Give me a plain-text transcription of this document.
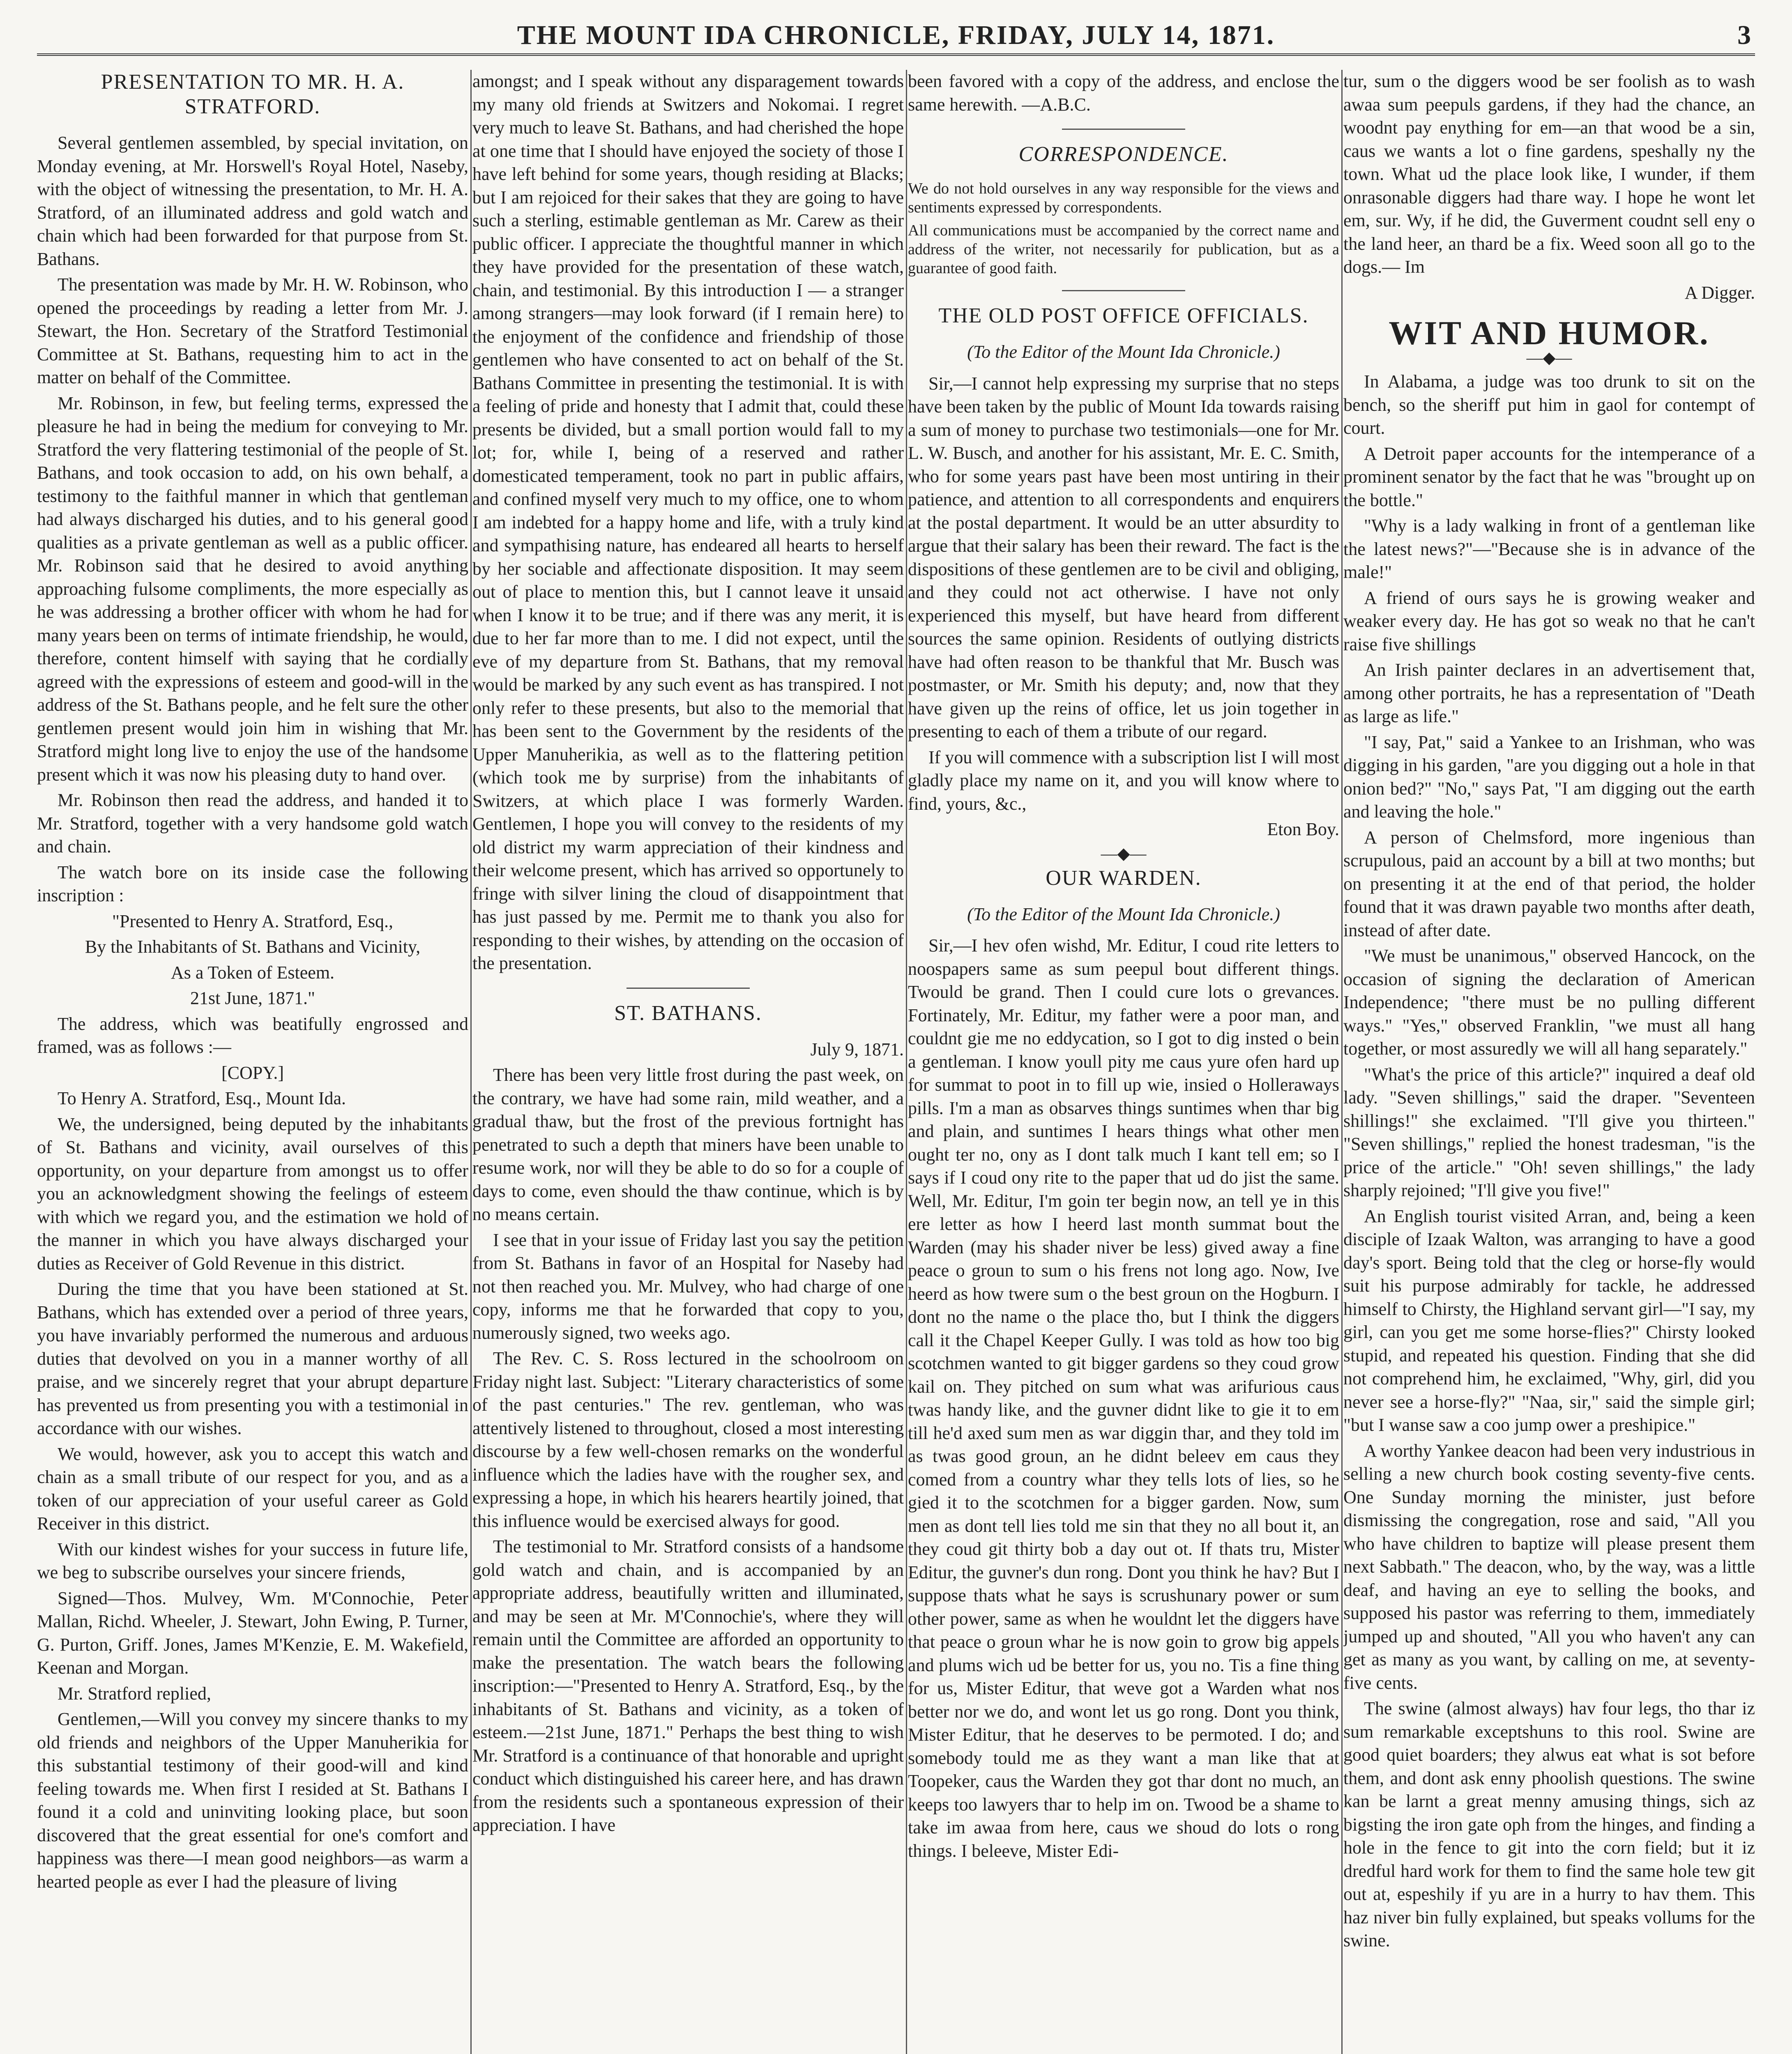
THE MOUNT IDA CHRONICLE, FRIDAY, JULY 14, 1871.	3
PRESENTATION TO MR. H. A. STRATFORD.

Several gentlemen assembled, by special invitation, on Monday evening, at Mr. Horswell's Royal Hotel, Naseby, with the object of witnessing the presentation, to Mr. H. A. Stratford, of an illuminated address and gold watch and chain which had been forwarded for that purpose from St. Bathans.

The presentation was made by Mr. H. W. Robinson, who opened the proceedings by reading a letter from Mr. J. Stewart, the Hon. Secretary of the Stratford Testimonial Committee at St. Bathans, requesting him to act in the matter on behalf of the Committee.

Mr. Robinson, in few, but feeling terms, expressed the pleasure he had in being the medium for conveying to Mr. Stratford the very flattering testimonial of the people of St. Bathans, and took occasion to add, on his own behalf, a testimony to the faithful manner in which that gentleman had always discharged his duties, and to his general good qualities as a private gentleman as well as a public officer. Mr. Robinson said that he desired to avoid anything approaching fulsome compliments, the more especially as he was addressing a brother officer with whom he had for many years been on terms of intimate friendship, he would, therefore, content himself with saying that he cordially agreed with the expressions of esteem and good-will in the address of the St. Bathans people, and he felt sure the other gentlemen present would join him in wishing that Mr. Stratford might long live to enjoy the use of the handsome present which it was now his pleasing duty to hand over.

Mr. Robinson then read the address, and handed it to Mr. Stratford, together with a very handsome gold watch and chain.

The watch bore on its inside case the following inscription :

"Presented to Henry A. Stratford, Esq.,

By the Inhabitants of St. Bathans and Vicinity,

As a Token of Esteem.

21st June, 1871."

The address, which was beatifully engrossed and framed, was as follows :—

[COPY.]

To Henry A. Stratford, Esq., Mount Ida.

We, the undersigned, being deputed by the inhabitants of St. Bathans and vicinity, avail ourselves of this opportunity, on your departure from amongst us to offer you an acknowledgment showing the feelings of esteem with which we regard you, and the estimation we hold of the manner in which you have always discharged your duties as Receiver of Gold Revenue in this district.

During the time that you have been stationed at St. Bathans, which has extended over a period of three years, you have invariably performed the numerous and arduous duties that devolved on you in a manner worthy of all praise, and we sincerely regret that your abrupt departure has prevented us from presenting you with a testimonial in accordance with our wishes.

We would, however, ask you to accept this watch and chain as a small tribute of our respect for you, and as a token of our appreciation of your useful career as Gold Receiver in this district.

With our kindest wishes for your success in future life, we beg to subscribe ourselves your sincere friends,

Signed—Thos. Mulvey, Wm. M'Connochie, Peter Mallan, Richd. Wheeler, J. Stewart, John Ewing, P. Turner, G. Purton, Griff. Jones, James M'Kenzie, E. M. Wakefield, Keenan and Morgan.

Mr. Stratford replied,

Gentlemen,—Will you convey my sincere thanks to my old friends and neighbors of the Upper Manuherikia for this substantial testimony of their good-will and kind feeling towards me. When first I resided at St. Bathans I found it a cold and uninviting looking place, but soon discovered that the great essential for one's comfort and happiness was there—I mean good neighbors—as warm a hearted people as ever I had the pleasure of living

amongst; and I speak without any disparagement towards my many old friends at Switzers and Nokomai. I regret very much to leave St. Bathans, and had cherished the hope at one time that I should have enjoyed the society of those I have left behind for some years, though residing at Blacks; but I am rejoiced for their sakes that they are going to have such a sterling, estimable gentleman as Mr. Carew as their public officer. I appreciate the thoughtful manner in which they have provided for the presentation of these watch, chain, and testimonial. By this introduction I — a stranger among strangers—may look forward (if I remain here) to the enjoyment of the confidence and friendship of those gentlemen who have consented to act on behalf of the St. Bathans Committee in presenting the testimonial. It is with a feeling of pride and honesty that I admit that, could these presents be divided, but a small portion would fall to my lot; for, while I, being of a reserved and rather domesticated temperament, took no part in public affairs, and confined myself very much to my office, one to whom I am indebted for a happy home and life, with a truly kind and sympathising nature, has endeared all hearts to herself by her sociable and affectionate disposition. It may seem out of place to mention this, but I cannot leave it unsaid when I know it to be true; and if there was any merit, it is due to her far more than to me. I did not expect, until the eve of my departure from St. Bathans, that my removal would be marked by any such event as has transpired. I not only refer to these presents, but also to the memorial that has been sent to the Government by the residents of the Upper Manuherikia, as well as to the flattering petition (which took me by surprise) from the inhabitants of Switzers, at which place I was formerly Warden. Gentlemen, I hope you will convey to the residents of my old district my warm appreciation of their kindness and their welcome present, which has arrived so opportunely to fringe with silver lining the cloud of disappointment that has just passed by me. Permit me to thank you also for responding to their wishes, by attending on the occasion of the presentation.

ST. BATHANS.

July 9, 1871.

There has been very little frost during the past week, on the contrary, we have had some rain, mild weather, and a gradual thaw, but the frost of the previous fortnight has penetrated to such a depth that miners have been unable to resume work, nor will they be able to do so for a couple of days to come, even should the thaw continue, which is by no means certain.

I see that in your issue of Friday last you say the petition from St. Bathans in favor of an Hospital for Naseby had not then reached you. Mr. Mulvey, who had charge of one copy, informs me that he forwarded that copy to you, numerously signed, two weeks ago.

The Rev. C. S. Ross lectured in the schoolroom on Friday night last. Subject: "Literary characteristics of some of the past centuries." The rev. gentleman, who was attentively listened to throughout, closed a most interesting discourse by a few well-chosen remarks on the wonderful influence which the ladies have with the rougher sex, and expressing a hope, in which his hearers heartily joined, that this influence would be exercised always for good.

The testimonial to Mr. Stratford consists of a handsome gold watch and chain, and is accompanied by an appropriate address, beautifully written and illuminated, and may be seen at Mr. M'Connochie's, where they will remain until the Committee are afforded an opportunity to make the presentation. The watch bears the following inscription:—"Presented to Henry A. Stratford, Esq., by the inhabitants of St. Bathans and vicinity, as a token of esteem.—21st June, 1871." Perhaps the best thing to wish Mr. Stratford is a continuance of that honorable and upright conduct which distinguished his career here, and has drawn from the residents such a spontaneous expression of their appreciation. I have

been favored with a copy of the address, and enclose the same herewith. —A.B.C.

CORRESPONDENCE.
We do not hold ourselves in any way responsible for the views and sentiments expressed by correspondents.
All communications must be accompanied by the correct name and address of the writer, not necessarily for publication, but as a guarantee of good faith.
THE OLD POST OFFICE OFFICIALS.
(To the Editor of the Mount Ida Chronicle.)

Sir,—I cannot help expressing my surprise that no steps have been taken by the public of Mount Ida towards raising a sum of money to purchase two testimonials—one for Mr. L. W. Busch, and another for his assistant, Mr. E. C. Smith, who for some years past have been most untiring in their patience, and attention to all correspondents and enquirers at the postal department. It would be an utter absurdity to argue that their salary has been their reward. The fact is the dispositions of these gentlemen are to be civil and obliging, and they could not act otherwise. I have not only experienced this myself, but have heard from different sources the same opinion. Residents of outlying districts have had often reason to be thankful that Mr. Busch was postmaster, or Mr. Smith his deputy; and, now that they have given up the reins of office, let us join together in presenting to each of them a tribute of our regard.

If you will commence with a subscription list I will most gladly place my name on it, and you will know where to find, yours, &c.,

Eton Boy.

—◆—
OUR WARDEN.
(To the Editor of the Mount Ida Chronicle.)

Sir,—I hev ofen wishd, Mr. Editur, I coud rite letters to noospapers same as sum peepul bout different things. Twould be grand. Then I could cure lots o grevances. Fortinately, Mr. Editur, my father were a poor man, and couldnt gie me no eddycation, so I got to dig insted o bein a gentleman. I know youll pity me caus yure ofen hard up for summat to poot in to fill up wie, insied o Holleraways pills. I'm a man as obsarves things suntimes when thar big and plain, and suntimes I hears things what other men ought ter no, ony as I dont talk much I kant tell em; so I says if I coud ony rite to the paper that ud do jist the same. Well, Mr. Editur, I'm goin ter begin now, an tell ye in this ere letter as how I heerd last month summat bout the Warden (may his shader niver be less) gived away a fine peace o groun to sum o his frens not long ago. Now, Ive heerd as how twere sum o the best groun on the Hogburn. I dont no the name o the place tho, but I think the diggers call it the Chapel Keeper Gully. I was told as how too big scotchmen wanted to git bigger gardens so they coud grow kail on. They pitched on sum what was arifurious caus twas handy like, and the guvner didnt like to gie it to em till he'd axed sum men as war diggin thar, and they told im as twas good groun, an he didnt beleev em caus they comed from a country whar they tells lots of lies, so he gied it to the scotchmen for a bigger garden. Now, sum men as dont tell lies told me sin that they no all bout it, an they coud git thirty bob a day out ot. If thats tru, Mister Editur, the guvner's dun rong. Dont you think he hav? But I suppose thats what he says is scrushunary power or sum other power, same as when he wouldnt let the diggers have that peace o groun whar he is now goin to grow big appels and plums wich ud be better for us, you no. Tis a fine thing for us, Mister Editur, that weve got a Warden what nos better nor we do, and wont let us go rong. Dont you think, Mister Editur, that he deserves to be permoted. I do; and somebody tould me as they want a man like that at Toopeker, caus the Warden they got thar dont no much, an keeps too lawyers thar to help im on. Twood be a shame to take im awaa from here, caus we shoud do lots o rong things. I beleeve, Mister Edi-

tur, sum o the diggers wood be ser foolish as to wash awaa sum peepuls gardens, if they had the chance, an woodnt pay enything for em—an that wood be a sin, caus we wants a lot o fine gardens, speshally ny the town. What ud the place look like, I wunder, if them onrasonable diggers had thare way. I hope he wont let em, sur. Wy, if he did, the Guverment coudnt sell eny o the land heer, an thard be a fix. Weed soon all go to the dogs.— Im

A Digger.

WIT AND HUMOR.
—◆—

In Alabama, a judge was too drunk to sit on the bench, so the sheriff put him in gaol for contempt of court.

A Detroit paper accounts for the intemperance of a prominent senator by the fact that he was "brought up on the bottle."

"Why is a lady walking in front of a gentleman like the latest news?"—"Because she is in advance of the male!"

A friend of ours says he is growing weaker and weaker every day. He has got so weak no that he can't raise five shillings

An Irish painter declares in an advertisement that, among other portraits, he has a representation of "Death as large as life."

"I say, Pat," said a Yankee to an Irishman, who was digging in his garden, "are you digging out a hole in that onion bed?" "No," says Pat, "I am digging out the earth and leaving the hole."

A person of Chelmsford, more ingenious than scrupulous, paid an account by a bill at two months; but on presenting it at the end of that period, the holder found that it was drawn payable two months after death, instead of after date.

"We must be unanimous," observed Hancock, on the occasion of signing the declaration of American Independence; "there must be no pulling different ways." "Yes," observed Franklin, "we must all hang together, or most assuredly we will all hang separately."

"What's the price of this article?" inquired a deaf old lady. "Seven shillings," said the draper. "Seventeen shillings!" she exclaimed. "I'll give you thirteen." "Seven shillings," replied the honest tradesman, "is the price of the article." "Oh! seven shillings," the lady sharply rejoined; "I'll give you five!"

An English tourist visited Arran, and, being a keen disciple of Izaak Walton, was arranging to have a good day's sport. Being told that the cleg or horse-fly would suit his purpose admirably for tackle, he addressed himself to Chirsty, the Highland servant girl—"I say, my girl, can you get me some horse-flies?" Chirsty looked stupid, and repeated his question. Finding that she did not comprehend him, he exclaimed, "Why, girl, did you never see a horse-fly?" "Naa, sir," said the simple girl; "but I wanse saw a coo jump ower a preshipice."

A worthy Yankee deacon had been very industrious in selling a new church book costing seventy-five cents. One Sunday morning the minister, just before dismissing the congregation, rose and said, "All you who have children to baptize will please present them next Sabbath." The deacon, who, by the way, was a little deaf, and having an eye to selling the books, and supposed his pastor was referring to them, immediately jumped up and shouted, "All you who haven't any can get as many as you want, by calling on me, at seventy-five cents.

The swine (almost always) hav four legs, tho thar iz sum remarkable exceptshuns to this rool. Swine are good quiet boarders; they alwus eat what is sot before them, and dont ask enny phoolish questions. The swine kan be larnt a great menny amusing things, sich az bigsting the iron gate oph from the hinges, and finding a hole in the fence to git into the corn field; but it iz dredful hard work for them to find the same hole tew git out at, espeshily if yu are in a hurry to hav them. This haz niver bin fully explained, but speaks vollums for the swine.
